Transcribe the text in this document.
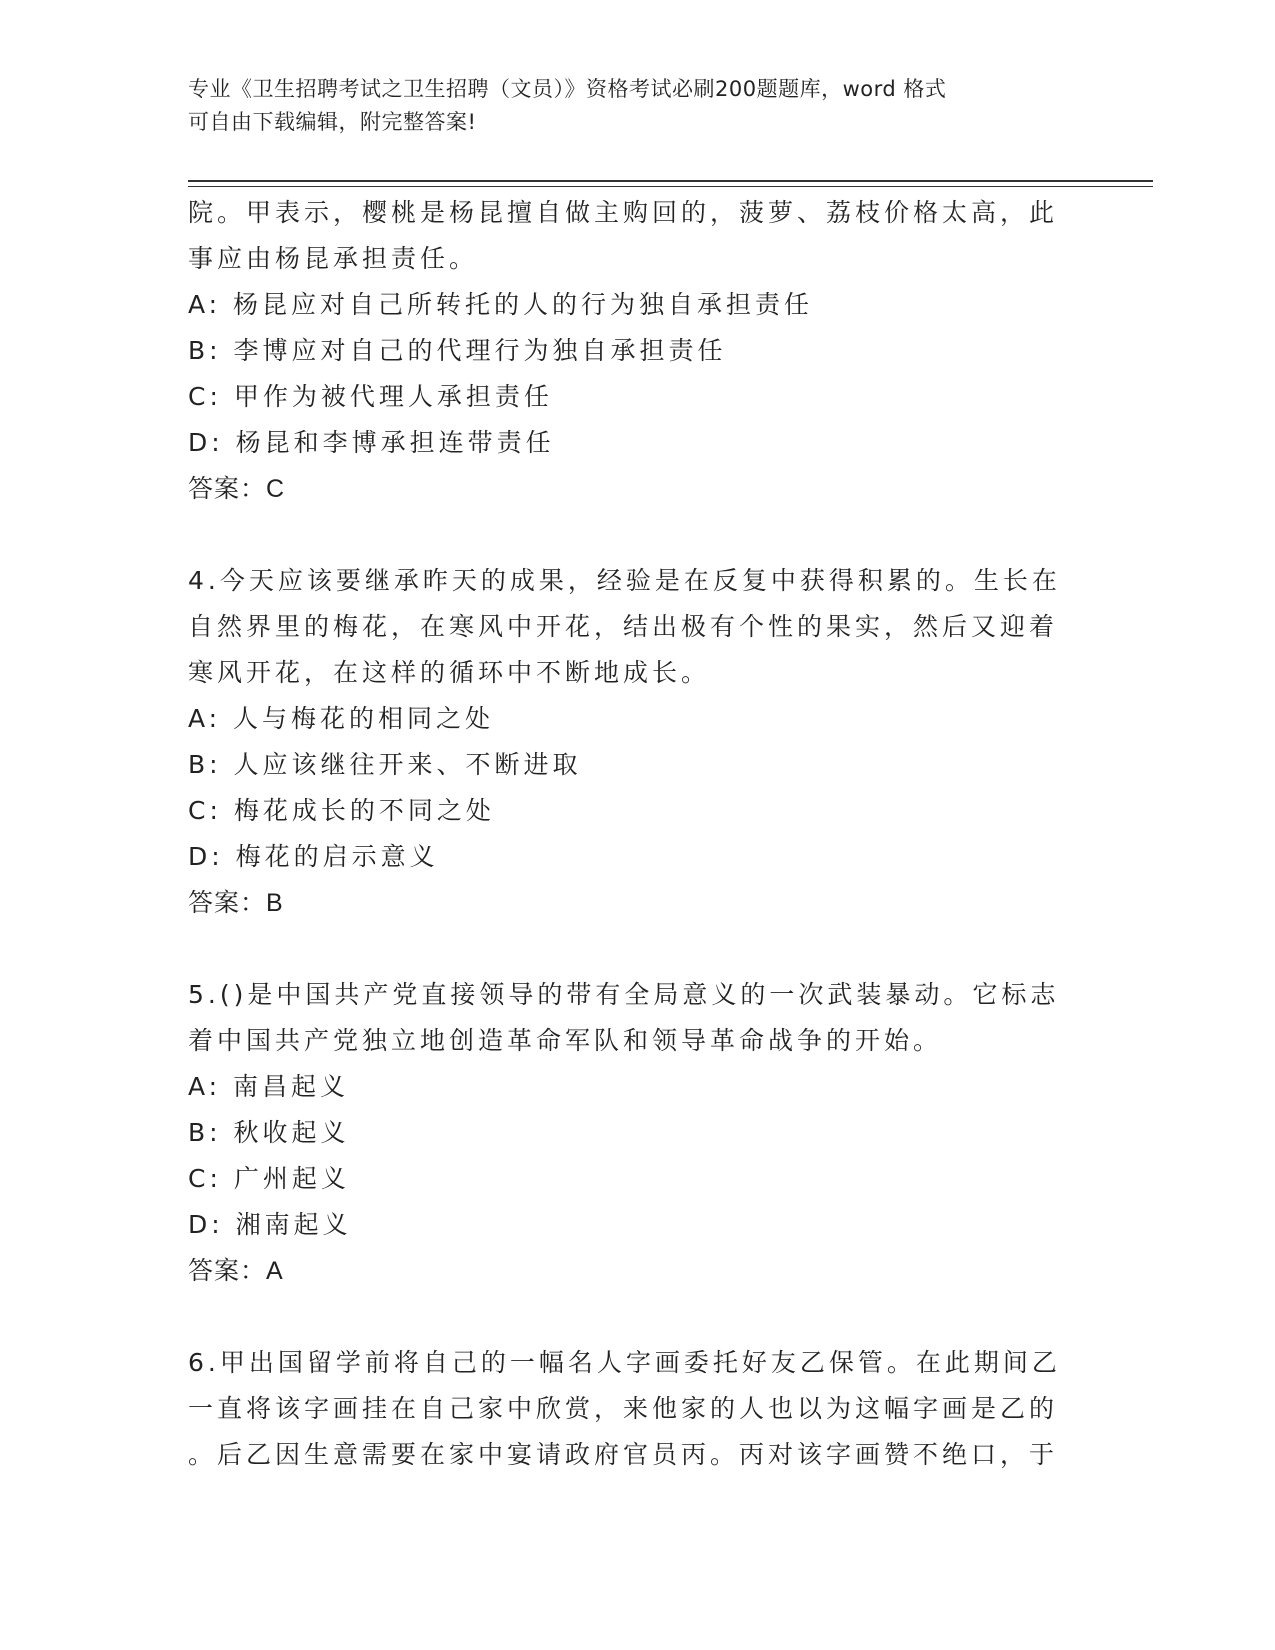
专业《卫生招聘考试之卫生招聘（文员）》资格考试必刷200题题库，word 格式
可自由下载编辑，附完整答案!
院。甲表示，樱桃是杨昆擅自做主购回的，菠萝、荔枝价格太高，此
事应由杨昆承担责任。
A: 杨昆应对自己所转托的人的行为独自承担责任
B: 李博应对自己的代理行为独自承担责任
C: 甲作为被代理人承担责任
D: 杨昆和李博承担连带责任
答案：C
4.今天应该要继承昨天的成果，经验是在反复中获得积累的。生长在
自然界里的梅花，在寒风中开花，结出极有个性的果实，然后又迎着
寒风开花，在这样的循环中不断地成长。
A: 人与梅花的相同之处
B: 人应该继往开来、不断进取
C: 梅花成长的不同之处
D: 梅花的启示意义
答案：B
5.()是中国共产党直接领导的带有全局意义的一次武装暴动。它标志
着中国共产党独立地创造革命军队和领导革命战争的开始。
A: 南昌起义
B: 秋收起义
C: 广州起义
D: 湘南起义
答案：A
6.甲出国留学前将自己的一幅名人字画委托好友乙保管。在此期间乙
一直将该字画挂在自己家中欣赏，来他家的人也以为这幅字画是乙的
。后乙因生意需要在家中宴请政府官员丙。丙对该字画赞不绝口，于
